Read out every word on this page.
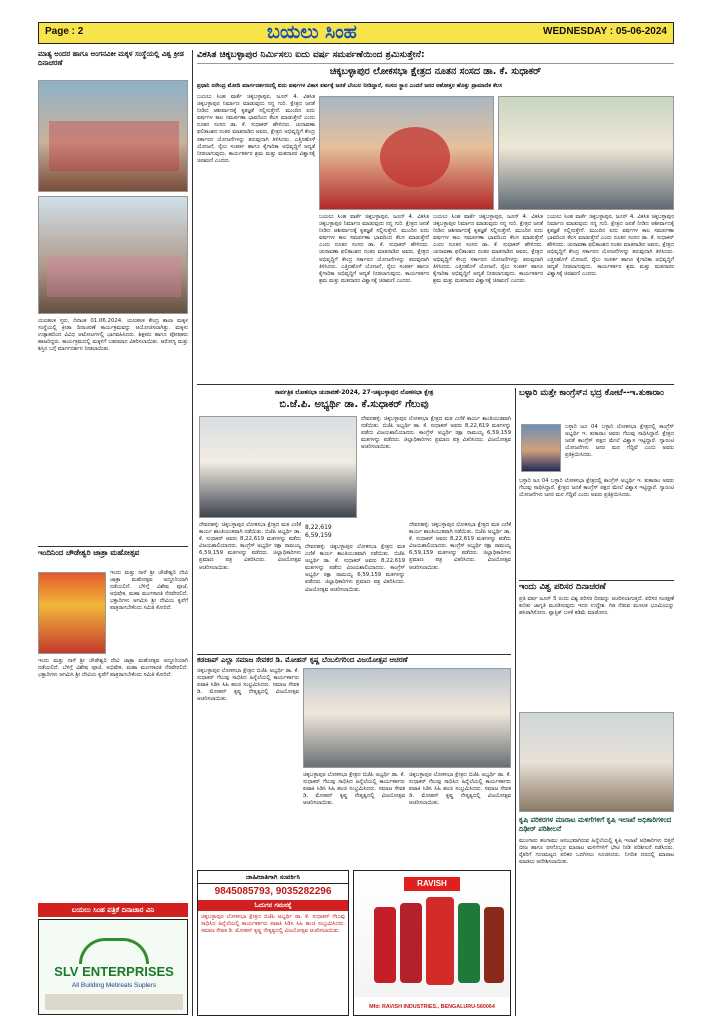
Page : 2	ಬಯಲು ಸಿಂಹ	WEDNESDAY : 05-06-2024
ಮಾತ್ಯ ಅಂದರ ಹಾಗೂ ಅಂಗನವಿಕೀ ಮಕ್ಕಳ ಸಂಸ್ಥೆಯಲ್ಲಿ ವಿಶ್ವ ಕ್ರೀಡ ದಿನಾಚರಣೆ
ಯಲಹಂಕ ಸ್ತರು, ದಿನಾಂಕ 01.06.2024. ಯಲಹಂಕ ಕೇಂದ್ರ ಶಾಲಾ ಮಕ್ಕಳ ಸಂಸ್ಥೆಯಲ್ಲಿ ಕ್ರೀಡಾ ದಿನಾಚರಣೆ ಕಾರ್ಯಕ್ರಮವನ್ನು ಆಯೋಜಿಸಲಾಗಿತ್ತು. ಮಕ್ಕಳು ಉತ್ಸಾಹದಿಂದ ವಿವಿಧ ಆಟೋಟಗಳಲ್ಲಿ ಭಾಗವಹಿಸಿದರು. ಶಿಕ್ಷಕರು ಹಾಗೂ ಪೋಷಕರು ಹಾಜರಿದ್ದರು. ಕಾರ್ಯಕ್ರಮದಲ್ಲಿ ಮಕ್ಕಳಿಗೆ ಬಹುಮಾನ ವಿತರಿಸಲಾಯಿತು. ಆರೋಗ್ಯ ಮತ್ತು ಶಿಸ್ತಿನ ಬಗ್ಗೆ ಮಾರ್ಗದರ್ಶನ ನೀಡಲಾಯಿತು.
ಇಂದಿನಿಂದ ಚೌಡೇಶ್ವರಿ ಜಾತ್ರಾ ಮಹೋತ್ಸವ
ಇಂದು ಮತ್ತು ನಾಳೆ ಶ್ರೀ ಚೌಡೇಶ್ವರಿ ದೇವಿ ಜಾತ್ರಾ ಮಹೋತ್ಸವ ಅದ್ದೂರಿಯಾಗಿ ನಡೆಯಲಿದೆ. ಬೆಳಿಗ್ಗೆ ವಿಶೇಷ ಪೂಜೆ, ಅಭಿಷೇಕ, ಮಹಾ ಮಂಗಳಾರತಿ ನೆರವೇರಲಿದೆ. ಭಕ್ತಾದಿಗಳು ಆಗಮಿಸಿ ಶ್ರೀ ದೇವಿಯ ಕೃಪೆಗೆ ಪಾತ್ರರಾಗಬೇಕೆಂದು ಸಮಿತಿ ಕೋರಿದೆ.
ಇಂದು ಮತ್ತು ನಾಳೆ ಶ್ರೀ ಚೌಡೇಶ್ವರಿ ದೇವಿ ಜಾತ್ರಾ ಮಹೋತ್ಸವ ಅದ್ದೂರಿಯಾಗಿ ನಡೆಯಲಿದೆ. ಬೆಳಿಗ್ಗೆ ವಿಶೇಷ ಪೂಜೆ, ಅಭಿಷೇಕ, ಮಹಾ ಮಂಗಳಾರತಿ ನೆರವೇರಲಿದೆ. ಭಕ್ತಾದಿಗಳು ಆಗಮಿಸಿ ಶ್ರೀ ದೇವಿಯ ಕೃಪೆಗೆ ಪಾತ್ರರಾಗಬೇಕೆಂದು ಸಮಿತಿ ಕೋರಿದೆ.
ಬಯಲು ಸಿಂಹ ಪತ್ರಿಕೆ ದಿನಾಚಾರ ವಿನಿ
SLV ENTERPRISES
All Building Metireals Suplers
ವಿಕಸಿತ ಚಿಕ್ಕಬಳ್ಳಾಪುರ ನಿರ್ಮಿಸಲು ಐದು ವರ್ಷ ಸಮರ್ಪಣೆಯಿಂದ ಶ್ರಮಿಸುತ್ತೇನೆ:
ಚಿಕ್ಕಬಳ್ಳಾಪುರ ಲೋಕಸಭಾ ಕ್ಷೇತ್ರದ ನೂತನ ಸಂಸದ ಡಾ. ಕೆ. ಸುಧಾಕರ್
ಪ್ರಧಾನಿ ನರೇಂದ್ರ ಮೋದಿ ಮಾರ್ಗದರ್ಶನದಲ್ಲಿ ಐದು ವರ್ಷಗಳ ವಿಕಾಸ ಪರ್ವಕ್ಕೆ ಜನತೆ ಬೆಂಬಲ ನೀಡಿದ್ದಾರೆ, ಸಂಸದ ಸ್ಥಾನ ಎಂದರೆ ಜನರ ಆಶೋತ್ತರ ಹೊತ್ತು ಪ್ರಾಮಾಣಿಕ ಕೆಲಸ
ಬಯಲು ಸಿಂಹ ವಾರ್ತೆ ಚಿಕ್ಕಬಳ್ಳಾಪುರ, ಜೂನ್ 4. ವಿಕಸಿತ ಚಿಕ್ಕಬಳ್ಳಾಪುರ ನಿರ್ಮಾಣ ಮಾಡುವುದು ನನ್ನ ಗುರಿ. ಕ್ಷೇತ್ರದ ಜನತೆ ನೀಡಿದ ಆಶೀರ್ವಾದಕ್ಕೆ ಕೃತಜ್ಞತೆ ಸಲ್ಲಿಸುತ್ತೇನೆ. ಮುಂದಿನ ಐದು ವರ್ಷಗಳ ಕಾಲ ಸಮರ್ಪಣಾ ಭಾವದಿಂದ ಕೆಲಸ ಮಾಡುತ್ತೇನೆ ಎಂದು ನೂತನ ಸಂಸದ ಡಾ. ಕೆ. ಸುಧಾಕರ್ ಹೇಳಿದರು. ಚುನಾವಣಾ ಫಲಿತಾಂಶದ ನಂತರ ಮಾತನಾಡಿದ ಅವರು, ಕ್ಷೇತ್ರದ ಅಭಿವೃದ್ಧಿಗೆ ಕೇಂದ್ರ ಸರ್ಕಾರದ ಯೋಜನೆಗಳನ್ನು ತರುವುದಾಗಿ ತಿಳಿಸಿದರು. ಎತ್ತಿನಹೊಳೆ ಯೋಜನೆ, ರೈಲು ಸಂಪರ್ಕ ಹಾಗೂ ಕೈಗಾರಿಕಾ ಅಭಿವೃದ್ಧಿಗೆ ಆದ್ಯತೆ ನೀಡಲಾಗುವುದು. ಕಾರ್ಯಕರ್ತರ ಶ್ರಮ ಮತ್ತು ಮತದಾರರ ವಿಶ್ವಾಸಕ್ಕೆ ಚಿರಋಣಿ ಎಂದರು.
ಬಯಲು ಸಿಂಹ ವಾರ್ತೆ ಚಿಕ್ಕಬಳ್ಳಾಪುರ, ಜೂನ್ 4. ವಿಕಸಿತ ಚಿಕ್ಕಬಳ್ಳಾಪುರ ನಿರ್ಮಾಣ ಮಾಡುವುದು ನನ್ನ ಗುರಿ. ಕ್ಷೇತ್ರದ ಜನತೆ ನೀಡಿದ ಆಶೀರ್ವಾದಕ್ಕೆ ಕೃತಜ್ಞತೆ ಸಲ್ಲಿಸುತ್ತೇನೆ. ಮುಂದಿನ ಐದು ವರ್ಷಗಳ ಕಾಲ ಸಮರ್ಪಣಾ ಭಾವದಿಂದ ಕೆಲಸ ಮಾಡುತ್ತೇನೆ ಎಂದು ನೂತನ ಸಂಸದ ಡಾ. ಕೆ. ಸುಧಾಕರ್ ಹೇಳಿದರು. ಚುನಾವಣಾ ಫಲಿತಾಂಶದ ನಂತರ ಮಾತನಾಡಿದ ಅವರು, ಕ್ಷೇತ್ರದ ಅಭಿವೃದ್ಧಿಗೆ ಕೇಂದ್ರ ಸರ್ಕಾರದ ಯೋಜನೆಗಳನ್ನು ತರುವುದಾಗಿ ತಿಳಿಸಿದರು. ಎತ್ತಿನಹೊಳೆ ಯೋಜನೆ, ರೈಲು ಸಂಪರ್ಕ ಹಾಗೂ ಕೈಗಾರಿಕಾ ಅಭಿವೃದ್ಧಿಗೆ ಆದ್ಯತೆ ನೀಡಲಾಗುವುದು. ಕಾರ್ಯಕರ್ತರ ಶ್ರಮ ಮತ್ತು ಮತದಾರರ ವಿಶ್ವಾಸಕ್ಕೆ ಚಿರಋಣಿ ಎಂದರು.
ಬಯಲು ಸಿಂಹ ವಾರ್ತೆ ಚಿಕ್ಕಬಳ್ಳಾಪುರ, ಜೂನ್ 4. ವಿಕಸಿತ ಚಿಕ್ಕಬಳ್ಳಾಪುರ ನಿರ್ಮಾಣ ಮಾಡುವುದು ನನ್ನ ಗುರಿ. ಕ್ಷೇತ್ರದ ಜನತೆ ನೀಡಿದ ಆಶೀರ್ವಾದಕ್ಕೆ ಕೃತಜ್ಞತೆ ಸಲ್ಲಿಸುತ್ತೇನೆ. ಮುಂದಿನ ಐದು ವರ್ಷಗಳ ಕಾಲ ಸಮರ್ಪಣಾ ಭಾವದಿಂದ ಕೆಲಸ ಮಾಡುತ್ತೇನೆ ಎಂದು ನೂತನ ಸಂಸದ ಡಾ. ಕೆ. ಸುಧಾಕರ್ ಹೇಳಿದರು. ಚುನಾವಣಾ ಫಲಿತಾಂಶದ ನಂತರ ಮಾತನಾಡಿದ ಅವರು, ಕ್ಷೇತ್ರದ ಅಭಿವೃದ್ಧಿಗೆ ಕೇಂದ್ರ ಸರ್ಕಾರದ ಯೋಜನೆಗಳನ್ನು ತರುವುದಾಗಿ ತಿಳಿಸಿದರು. ಎತ್ತಿನಹೊಳೆ ಯೋಜನೆ, ರೈಲು ಸಂಪರ್ಕ ಹಾಗೂ ಕೈಗಾರಿಕಾ ಅಭಿವೃದ್ಧಿಗೆ ಆದ್ಯತೆ ನೀಡಲಾಗುವುದು. ಕಾರ್ಯಕರ್ತರ ಶ್ರಮ ಮತ್ತು ಮತದಾರರ ವಿಶ್ವಾಸಕ್ಕೆ ಚಿರಋಣಿ ಎಂದರು.
ಬಯಲು ಸಿಂಹ ವಾರ್ತೆ ಚಿಕ್ಕಬಳ್ಳಾಪುರ, ಜೂನ್ 4. ವಿಕಸಿತ ಚಿಕ್ಕಬಳ್ಳಾಪುರ ನಿರ್ಮಾಣ ಮಾಡುವುದು ನನ್ನ ಗುರಿ. ಕ್ಷೇತ್ರದ ಜನತೆ ನೀಡಿದ ಆಶೀರ್ವಾದಕ್ಕೆ ಕೃತಜ್ಞತೆ ಸಲ್ಲಿಸುತ್ತೇನೆ. ಮುಂದಿನ ಐದು ವರ್ಷಗಳ ಕಾಲ ಸಮರ್ಪಣಾ ಭಾವದಿಂದ ಕೆಲಸ ಮಾಡುತ್ತೇನೆ ಎಂದು ನೂತನ ಸಂಸದ ಡಾ. ಕೆ. ಸುಧಾಕರ್ ಹೇಳಿದರು. ಚುನಾವಣಾ ಫಲಿತಾಂಶದ ನಂತರ ಮಾತನಾಡಿದ ಅವರು, ಕ್ಷೇತ್ರದ ಅಭಿವೃದ್ಧಿಗೆ ಕೇಂದ್ರ ಸರ್ಕಾರದ ಯೋಜನೆಗಳನ್ನು ತರುವುದಾಗಿ ತಿಳಿಸಿದರು. ಎತ್ತಿನಹೊಳೆ ಯೋಜನೆ, ರೈಲು ಸಂಪರ್ಕ ಹಾಗೂ ಕೈಗಾರಿಕಾ ಅಭಿವೃದ್ಧಿಗೆ ಆದ್ಯತೆ ನೀಡಲಾಗುವುದು. ಕಾರ್ಯಕರ್ತರ ಶ್ರಮ ಮತ್ತು ಮತದಾರರ ವಿಶ್ವಾಸಕ್ಕೆ ಚಿರಋಣಿ ಎಂದರು.
ಸಾರ್ವತ್ರಿಕ ಲೋಕಸಭಾ ಚುನಾವಣೆ-2024, 27-ಚಿಕ್ಕಬಳ್ಳಾಪುರ ಲೋಕಸಭಾ ಕ್ಷೇತ್ರ
ಬಿ.ಜೆ.ಪಿ. ಅಭ್ಯರ್ಥಿ ಡಾ. ಕೆ.ಸುಧಾಕರ್ ಗೆಲುವು
ದೇವನಹಳ್ಳಿ: ಚಿಕ್ಕಬಳ್ಳಾಪುರ ಲೋಕಸಭಾ ಕ್ಷೇತ್ರದ ಮತ ಎಣಿಕೆ ಕಾರ್ಯ ಶಾಂತಿಯುತವಾಗಿ ನಡೆಯಿತು. ಬಿಜೆಪಿ ಅಭ್ಯರ್ಥಿ ಡಾ. ಕೆ. ಸುಧಾಕರ್ ಅವರು 8,22,619 ಮತಗಳನ್ನು ಪಡೆದು ವಿಜಯಶಾಲಿಯಾದರು. ಕಾಂಗ್ರೆಸ್ ಅಭ್ಯರ್ಥಿ ರಕ್ಷಾ ರಾಮಯ್ಯ 6,59,159 ಮತಗಳನ್ನು ಪಡೆದರು. ಜಿಲ್ಲಾಧಿಕಾರಿಗಳು ಪ್ರಮಾಣ ಪತ್ರ ವಿತರಿಸಿದರು. ವಿಜಯೋತ್ಸವ ಆಚರಿಸಲಾಯಿತು.
ದೇವನಹಳ್ಳಿ: ಚಿಕ್ಕಬಳ್ಳಾಪುರ ಲೋಕಸಭಾ ಕ್ಷೇತ್ರದ ಮತ ಎಣಿಕೆ ಕಾರ್ಯ ಶಾಂತಿಯುತವಾಗಿ ನಡೆಯಿತು. ಬಿಜೆಪಿ ಅಭ್ಯರ್ಥಿ ಡಾ. ಕೆ. ಸುಧಾಕರ್ ಅವರು 8,22,619 ಮತಗಳನ್ನು ಪಡೆದು ವಿಜಯಶಾಲಿಯಾದರು. ಕಾಂಗ್ರೆಸ್ ಅಭ್ಯರ್ಥಿ ರಕ್ಷಾ ರಾಮಯ್ಯ 6,59,159 ಮತಗಳನ್ನು ಪಡೆದರು. ಜಿಲ್ಲಾಧಿಕಾರಿಗಳು ಪ್ರಮಾಣ ಪತ್ರ ವಿತರಿಸಿದರು. ವಿಜಯೋತ್ಸವ ಆಚರಿಸಲಾಯಿತು.
8,22,619
6,59,159
ದೇವನಹಳ್ಳಿ: ಚಿಕ್ಕಬಳ್ಳಾಪುರ ಲೋಕಸಭಾ ಕ್ಷೇತ್ರದ ಮತ ಎಣಿಕೆ ಕಾರ್ಯ ಶಾಂತಿಯುತವಾಗಿ ನಡೆಯಿತು. ಬಿಜೆಪಿ ಅಭ್ಯರ್ಥಿ ಡಾ. ಕೆ. ಸುಧಾಕರ್ ಅವರು 8,22,619 ಮತಗಳನ್ನು ಪಡೆದು ವಿಜಯಶಾಲಿಯಾದರು. ಕಾಂಗ್ರೆಸ್ ಅಭ್ಯರ್ಥಿ ರಕ್ಷಾ ರಾಮಯ್ಯ 6,59,159 ಮತಗಳನ್ನು ಪಡೆದರು. ಜಿಲ್ಲಾಧಿಕಾರಿಗಳು ಪ್ರಮಾಣ ಪತ್ರ ವಿತರಿಸಿದರು. ವಿಜಯೋತ್ಸವ ಆಚರಿಸಲಾಯಿತು.
ದೇವನಹಳ್ಳಿ: ಚಿಕ್ಕಬಳ್ಳಾಪುರ ಲೋಕಸಭಾ ಕ್ಷೇತ್ರದ ಮತ ಎಣಿಕೆ ಕಾರ್ಯ ಶಾಂತಿಯುತವಾಗಿ ನಡೆಯಿತು. ಬಿಜೆಪಿ ಅಭ್ಯರ್ಥಿ ಡಾ. ಕೆ. ಸುಧಾಕರ್ ಅವರು 8,22,619 ಮತಗಳನ್ನು ಪಡೆದು ವಿಜಯಶಾಲಿಯಾದರು. ಕಾಂಗ್ರೆಸ್ ಅಭ್ಯರ್ಥಿ ರಕ್ಷಾ ರಾಮಯ್ಯ 6,59,159 ಮತಗಳನ್ನು ಪಡೆದರು. ಜಿಲ್ಲಾಧಿಕಾರಿಗಳು ಪ್ರಮಾಣ ಪತ್ರ ವಿತರಿಸಿದರು. ವಿಜಯೋತ್ಸವ ಆಚರಿಸಲಾಯಿತು.
ಬಳ್ಳಾರಿ ಮತ್ತೇ ಕಾಂಗ್ರೆಸ್‌ನ ಭದ್ರ ಕೋಟೆ--ಇ.ತುಕಾರಾಂ
ಬಳ್ಳಾರಿ ಜೂ 04 ಬಳ್ಳಾರಿ ಲೋಕಸಭಾ ಕ್ಷೇತ್ರದಲ್ಲಿ ಕಾಂಗ್ರೆಸ್ ಅಭ್ಯರ್ಥಿ ಇ. ತುಕಾರಾಂ ಅವರು ಗೆಲುವು ಸಾಧಿಸಿದ್ದಾರೆ. ಕ್ಷೇತ್ರದ ಜನತೆ ಕಾಂಗ್ರೆಸ್ ಪಕ್ಷದ ಮೇಲೆ ವಿಶ್ವಾಸ ಇಟ್ಟಿದ್ದಾರೆ. ಗ್ಯಾರಂಟಿ ಯೋಜನೆಗಳು ಜನರ ಮನ ಗೆದ್ದಿವೆ ಎಂದು ಅವರು ಪ್ರತಿಕ್ರಿಯಿಸಿದರು.
ಬಳ್ಳಾರಿ ಜೂ 04 ಬಳ್ಳಾರಿ ಲೋಕಸಭಾ ಕ್ಷೇತ್ರದಲ್ಲಿ ಕಾಂಗ್ರೆಸ್ ಅಭ್ಯರ್ಥಿ ಇ. ತುಕಾರಾಂ ಅವರು ಗೆಲುವು ಸಾಧಿಸಿದ್ದಾರೆ. ಕ್ಷೇತ್ರದ ಜನತೆ ಕಾಂಗ್ರೆಸ್ ಪಕ್ಷದ ಮೇಲೆ ವಿಶ್ವಾಸ ಇಟ್ಟಿದ್ದಾರೆ. ಗ್ಯಾರಂಟಿ ಯೋಜನೆಗಳು ಜನರ ಮನ ಗೆದ್ದಿವೆ ಎಂದು ಅವರು ಪ್ರತಿಕ್ರಿಯಿಸಿದರು.
ಇಂದು ವಿಶ್ವ ಪರಿಸರ ದಿನಾಚರಣೆ
ಪ್ರತಿ ವರ್ಷ ಜೂನ್ 5 ರಂದು ವಿಶ್ವ ಪರಿಸರ ದಿನವನ್ನು ಆಚರಿಸಲಾಗುತ್ತದೆ. ಪರಿಸರ ಸಂರಕ್ಷಣೆ ಕುರಿತು ಜಾಗೃತಿ ಮೂಡಿಸುವುದು ಇದರ ಉದ್ದೇಶ. ಗಿಡ ನೆಡುವ ಮೂಲಕ ಭೂಮಿಯನ್ನು ಹಸಿರಾಗಿಸೋಣ. ಪ್ಲಾಸ್ಟಿಕ್ ಬಳಕೆ ಕಡಿಮೆ ಮಾಡೋಣ.
ಕೃಷಿ ಪರಿಕರಗಳ ಮಾರಾಟ ಮಳಿಗೆಗಳಿಗೆ ಕೃಷಿ ಇಲಾಖೆ ಅಧಿಕಾರಿಗಳಿಂದ ದಿಢೀರ್ ಪರಿಶೀಲನೆ
ಮುಂಗಾರು ಹಂಗಾಮು ಆರಂಭವಾಗಿರುವ ಹಿನ್ನೆಲೆಯಲ್ಲಿ ಕೃಷಿ ಇಲಾಖೆ ಅಧಿಕಾರಿಗಳು ಬಿತ್ತನೆ ಬೀಜ ಹಾಗೂ ರಸಗೊಬ್ಬರ ಮಾರಾಟ ಮಳಿಗೆಗಳಿಗೆ ಭೇಟಿ ನೀಡಿ ಪರಿಶೀಲನೆ ನಡೆಸಿದರು. ರೈತರಿಗೆ ಗುಣಮಟ್ಟದ ಪರಿಕರ ಒದಗಿಸಲು ಸೂಚಿಸಿದರು. ನಿಗದಿತ ದರದಲ್ಲಿ ಮಾರಾಟ ಮಾಡಲು ಆದೇಶಿಸಲಾಯಿತು.
ಕಡಜಾಪ್ ಎಲ್ಲಾ ಸಮಾಜ ಸೇವಕರ ಡಿ. ಮೋಹನ್ ಕೃಷ್ಣ ಬೆಂಬಲಿಗರಿಂದ ವಿಜಯೋತ್ಸವ ಆಚರಣೆ
ಚಿಕ್ಕಬಳ್ಳಾಪುರ ಲೋಕಸಭಾ ಕ್ಷೇತ್ರದ ಬಿಜೆಪಿ ಅಭ್ಯರ್ಥಿ ಡಾ. ಕೆ. ಸುಧಾಕರ್ ಗೆಲುವು ಸಾಧಿಸಿದ ಹಿನ್ನೆಲೆಯಲ್ಲಿ ಕಾರ್ಯಕರ್ತರು ಪಟಾಕಿ ಸಿಡಿಸಿ ಸಿಹಿ ಹಂಚಿ ಸಂಭ್ರಮಿಸಿದರು. ಸಮಾಜ ಸೇವಕ ಡಿ. ಮೋಹನ್ ಕೃಷ್ಣ ನೇತೃತ್ವದಲ್ಲಿ ವಿಜಯೋತ್ಸವ ಆಚರಿಸಲಾಯಿತು.
ಚಿಕ್ಕಬಳ್ಳಾಪುರ ಲೋಕಸಭಾ ಕ್ಷೇತ್ರದ ಬಿಜೆಪಿ ಅಭ್ಯರ್ಥಿ ಡಾ. ಕೆ. ಸುಧಾಕರ್ ಗೆಲುವು ಸಾಧಿಸಿದ ಹಿನ್ನೆಲೆಯಲ್ಲಿ ಕಾರ್ಯಕರ್ತರು ಪಟಾಕಿ ಸಿಡಿಸಿ ಸಿಹಿ ಹಂಚಿ ಸಂಭ್ರಮಿಸಿದರು. ಸಮಾಜ ಸೇವಕ ಡಿ. ಮೋಹನ್ ಕೃಷ್ಣ ನೇತೃತ್ವದಲ್ಲಿ ವಿಜಯೋತ್ಸವ ಆಚರಿಸಲಾಯಿತು.
ಚಿಕ್ಕಬಳ್ಳಾಪುರ ಲೋಕಸಭಾ ಕ್ಷೇತ್ರದ ಬಿಜೆಪಿ ಅಭ್ಯರ್ಥಿ ಡಾ. ಕೆ. ಸುಧಾಕರ್ ಗೆಲುವು ಸಾಧಿಸಿದ ಹಿನ್ನೆಲೆಯಲ್ಲಿ ಕಾರ್ಯಕರ್ತರು ಪಟಾಕಿ ಸಿಡಿಸಿ ಸಿಹಿ ಹಂಚಿ ಸಂಭ್ರಮಿಸಿದರು. ಸಮಾಜ ಸೇವಕ ಡಿ. ಮೋಹನ್ ಕೃಷ್ಣ ನೇತೃತ್ವದಲ್ಲಿ ವಿಜಯೋತ್ಸವ ಆಚರಿಸಲಾಯಿತು.
ಜಾಹೀರಾತಿಗಾಗಿ ಸಂಪರ್ಕಿಸಿ
9845085793, 9035282296
ಓದುಗರ ಗಮನಕ್ಕೆ
ಚಿಕ್ಕಬಳ್ಳಾಪುರ ಲೋಕಸಭಾ ಕ್ಷೇತ್ರದ ಬಿಜೆಪಿ ಅಭ್ಯರ್ಥಿ ಡಾ. ಕೆ. ಸುಧಾಕರ್ ಗೆಲುವು ಸಾಧಿಸಿದ ಹಿನ್ನೆಲೆಯಲ್ಲಿ ಕಾರ್ಯಕರ್ತರು ಪಟಾಕಿ ಸಿಡಿಸಿ ಸಿಹಿ ಹಂಚಿ ಸಂಭ್ರಮಿಸಿದರು. ಸಮಾಜ ಸೇವಕ ಡಿ. ಮೋಹನ್ ಕೃಷ್ಣ ನೇತೃತ್ವದಲ್ಲಿ ವಿಜಯೋತ್ಸವ ಆಚರಿಸಲಾಯಿತು.
RAVISH
Mfd: RAVISH INDUSTRIES., BENGALURU-560064
